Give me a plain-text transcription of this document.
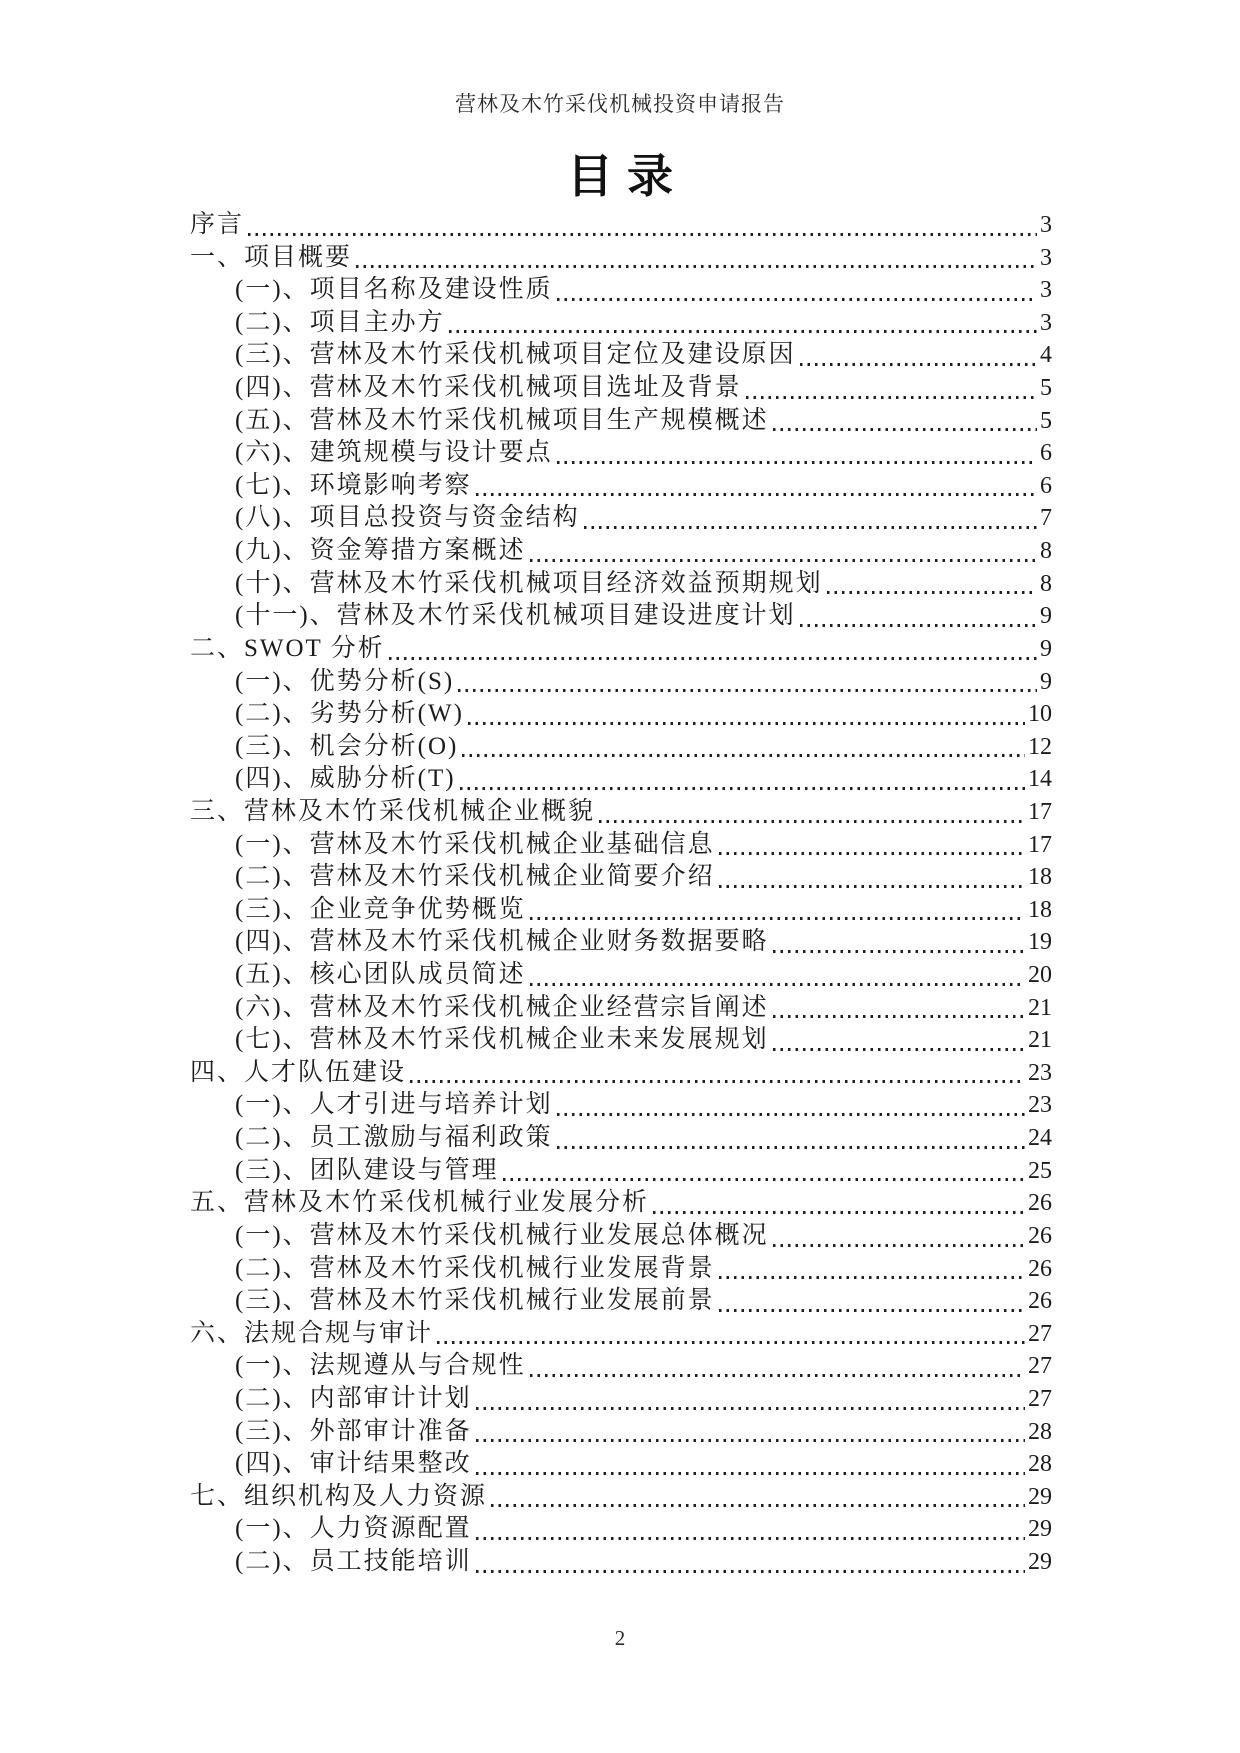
营林及木竹采伐机械投资申请报告
目录
序言	3
一、项目概要	3
(一)、项目名称及建设性质	3
(二)、项目主办方	3
(三)、营林及木竹采伐机械项目定位及建设原因	4
(四)、营林及木竹采伐机械项目选址及背景	5
(五)、营林及木竹采伐机械项目生产规模概述	5
(六)、建筑规模与设计要点	6
(七)、环境影响考察	6
(八)、项目总投资与资金结构	7
(九)、资金筹措方案概述	8
(十)、营林及木竹采伐机械项目经济效益预期规划	8
(十一)、营林及木竹采伐机械项目建设进度计划	9
二、SWOT 分析	9
(一)、优势分析(S)	9
(二)、劣势分析(W)	10
(三)、机会分析(O)	12
(四)、威胁分析(T)	14
三、营林及木竹采伐机械企业概貌	17
(一)、营林及木竹采伐机械企业基础信息	17
(二)、营林及木竹采伐机械企业简要介绍	18
(三)、企业竞争优势概览	18
(四)、营林及木竹采伐机械企业财务数据要略	19
(五)、核心团队成员简述	20
(六)、营林及木竹采伐机械企业经营宗旨阐述	21
(七)、营林及木竹采伐机械企业未来发展规划	21
四、人才队伍建设	23
(一)、人才引进与培养计划	23
(二)、员工激励与福利政策	24
(三)、团队建设与管理	25
五、营林及木竹采伐机械行业发展分析	26
(一)、营林及木竹采伐机械行业发展总体概况	26
(二)、营林及木竹采伐机械行业发展背景	26
(三)、营林及木竹采伐机械行业发展前景	26
六、法规合规与审计	27
(一)、法规遵从与合规性	27
(二)、内部审计计划	27
(三)、外部审计准备	28
(四)、审计结果整改	28
七、组织机构及人力资源	29
(一)、人力资源配置	29
(二)、员工技能培训	29
2
